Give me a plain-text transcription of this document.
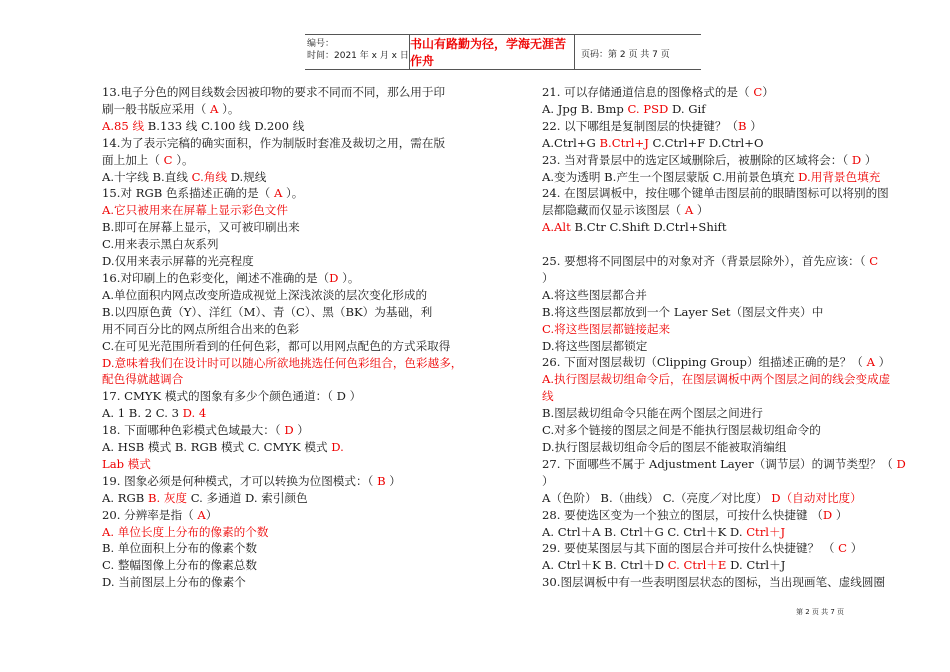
编号：
时间：2021 年 x 月 x 日
书山有路勤为径，学海无涯苦作舟	页码：第 2 页 共 7 页
13.电子分色的网目线数会因被印物的要求不同而不同，那么用于印
刷一般书版应采用（ A ）。
A.85 线 B.133 线 C.100 线 D.200 线
14.为了表示完稿的确实面积，作为制版时套准及裁切之用，需在版
面上加上（ C ）。
A.十字线 B.直线 C.角线 D.规线
15.对 RGB 色系描述正确的是（ A ）。
A.它只被用来在屏幕上显示彩色文件
B.即可在屏幕上显示，又可被印刷出来
C.用来表示黑白灰系列
D.仅用来表示屏幕的光亮程度
16.对印刷上的色彩变化，阐述不准确的是（D ）。
A.单位面积内网点改变所造成视觉上深浅浓淡的层次变化形成的
B.以四原色黄（Y）、洋红（M）、青（C）、黑（BK）为基础，利
用不同百分比的网点所组合出来的色彩
C.在可见光范围所看到的任何色彩，都可以用网点配色的方式采取得
D.意味着我们在设计时可以随心所欲地挑选任何色彩组合，色彩越多，
配色得就越调合
17. CMYK 模式的图象有多少个颜色通道：（ D ）
A. 1 B. 2 C. 3 D. 4
18. 下面哪种色彩模式色域最大：（ D ）
A. HSB 模式 B. RGB 模式 C. CMYK 模式 D.
Lab 模式
19. 图象必须是何种模式，才可以转换为位图模式：（ B ）
A. RGB B. 灰度 C. 多通道 D. 索引颜色
20. 分辨率是指（ A）
A. 单位长度上分布的像素的个数
B. 单位面积上分布的像素个数
C. 整幅图像上分布的像素总数
D. 当前图层上分布的像素个
21. 可以存储通道信息的图像格式的是（ C）
A. Jpg B. Bmp C. PSD D. Gif
22. 以下哪组是复制图层的快捷键？（B ）
A.Ctrl+G B.Ctrl+J C.Ctrl+F D.Ctrl+O
23. 当对背景层中的选定区域删除后，被删除的区域将会：（ D ）
A.变为透明 B.产生一个图层蒙版 C.用前景色填充 D.用背景色填充
24. 在图层调板中，按住哪个键单击图层前的眼睛图标可以将别的图
层都隐藏而仅显示该图层（ A ）
A.Alt B.Ctr C.Shift D.Ctrl+Shift
25. 要想将不同图层中的对象对齐（背景层除外），首先应该：（ C
）
A.将这些图层都合并
B.将这些图层都放到一个 Layer Set（图层文件夹）中
C.将这些图层都链接起来
D.将这些图层都锁定
26. 下面对图层裁切（Clipping Group）组描述正确的是？（ A ）
A.执行图层裁切组命令后，在图层调板中两个图层之间的线会变成虚
线
B.图层裁切组命令只能在两个图层之间进行
C.对多个链接的图层之间是不能执行图层裁切组命令的
D.执行图层裁切组命令后的图层不能被取消编组
27. 下面哪些不属于 Adjustment Layer（调节层）的调节类型？（ D
）
A（色阶） B.（曲线） C.（亮度／对比度） D（自动对比度）
28. 要使选区变为一个独立的图层，可按什么快捷键 （D ）
A. Ctrl＋A B. Ctrl＋G C. Ctrl＋K D. Ctrl＋J
29. 要使某图层与其下面的图层合并可按什么快捷键？ （ C ）
A. Ctrl＋K B. Ctrl＋D C. Ctrl＋E D. Ctrl＋J
30.图层调板中有一些表明图层状态的图标，当出现画笔、虚线圆圈
第 2 页 共 7 页
